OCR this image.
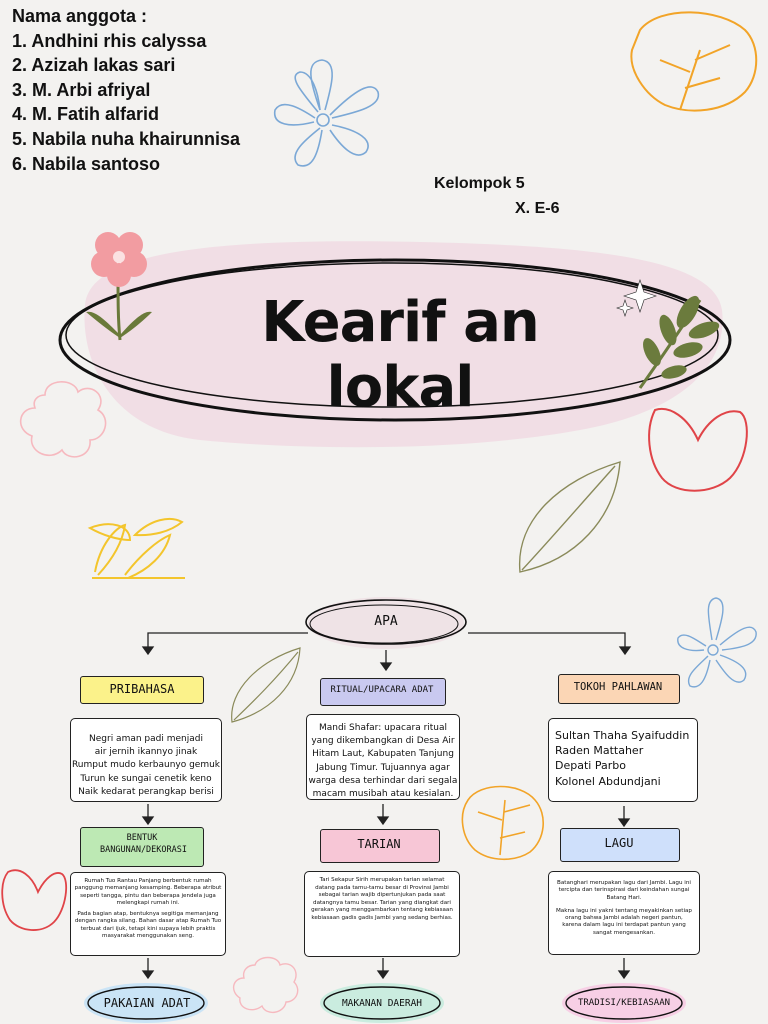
Nama anggota :
1. Andhini rhis calyssa
2. Azizah lakas sari
3. M. Arbi afriyal
4. M. Fatih alfarid
5. Nabila nuha khairunnisa
6. Nabila santoso
Kelompok 5
X. E-6
Kearif an lokal
APA
PRIBAHASA

Negri aman padi menjadi

air jernih ikannyo jinak

Rumput mudo kerbaunyo gemuk

Turun ke sungai cenetik keno

Naik kedarat perangkap berisi

BENTUK BANGUNAN/DEKORASI

Rumah Tuo Rantau Panjang berbentuk rumah panggung memanjang kesamping. Beberapa atribut seperti tangga, pintu dan beberapa jendela juga melengkapi rumah ini.

Pada bagian atap, bentuknya segitiga memanjang dengan rangka silang. Bahan dasar atap Rumah Tuo terbuat dari ijuk, tetapi kini supaya lebih praktis masyarakat menggunakan seng.

PAKAIAN ADAT
RITUAL/UPACARA ADAT

Mandi Shafar: upacara ritual

yang dikembangkan di Desa Air

Hitam Laut, Kabupaten Tanjung

Jabung Timur. Tujuannya agar

warga desa terhindar dari segala

macam musibah atau kesialan.

TARIAN

Tari Sekapur Sirih merupakan tarian selamat datang pada tamu-tamu besar di Provinsi Jambi sebagai tarian wajib dipertunjukan pada saat datangnya tamu besar. Tarian yang diangkat dari gerakan yang menggambarkan tentang kebiasaan kebiasaan gadis gadis Jambi yang sedang berhias.

MAKANAN DAERAH
TOKOH PAHLAWAN

Sultan Thaha Syaifuddin

Raden Mattaher

Depati Parbo

Kolonel Abdundjani

LAGU

Batanghari merupakan lagu dari Jambi. Lagu ini tercipta dan terinspirasi dari keindahan sungai Batang Hari.

Makna lagu ini yakni tentang meyakinkan setiap orang bahwa Jambi adalah negeri pantun, karena dalam lagu ini terdapat pantun yang sangat mengesankan.

TRADISI/KEBIASAAN
